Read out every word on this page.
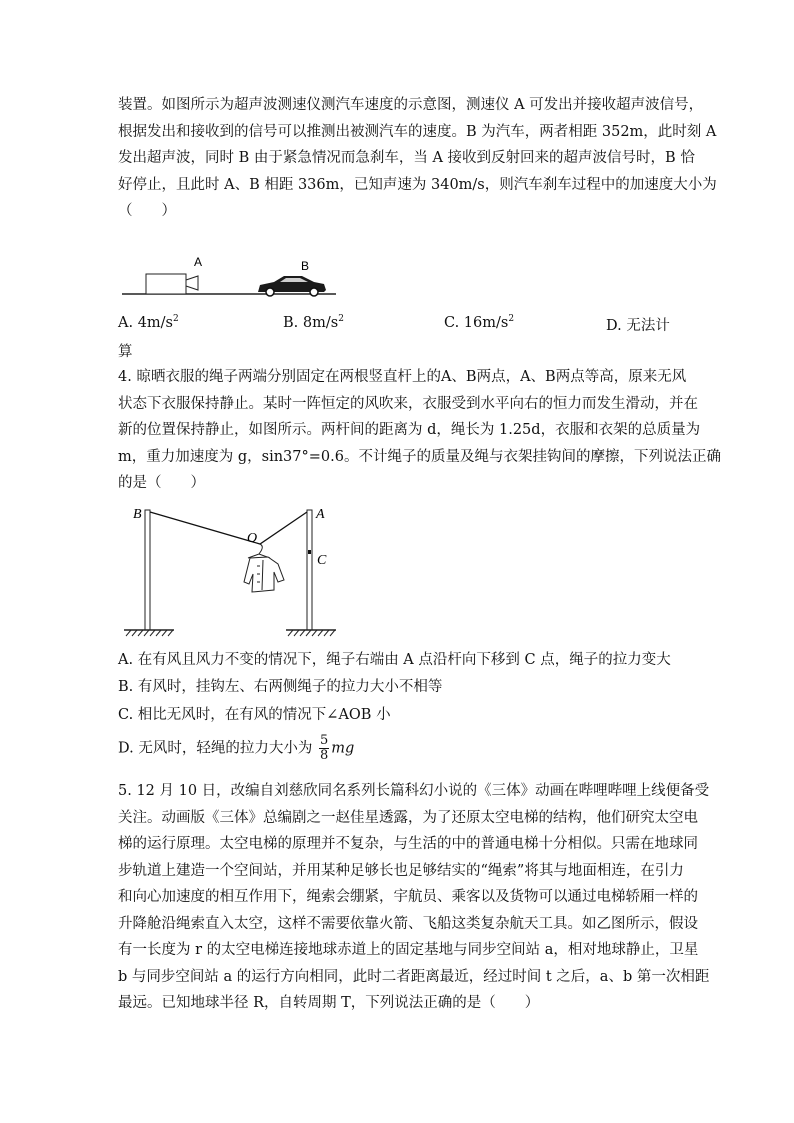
装置。如图所示为超声波测速仪测汽车速度的示意图，测速仪 A 可发出并接收超声波信号，
根据发出和接收到的信号可以推测出被测汽车的速度。B 为汽车，两者相距 352m，此时刻 A
发出超声波，同时 B 由于紧急情况而急刹车，当 A 接收到反射回来的超声波信号时，B 恰
好停止，且此时 A、B 相距 336m，已知声速为 340m/s，则汽车刹车过程中的加速度大小为
（　　）
A	B
A. $4m/s^2$	B. $8m/s^2$	C. $16m/s^2$	D. 无法计
算
4. 晾晒衣服的绳子两端分别固定在两根竖直杆上的A、B两点，A、B两点等高，原来无风
状态下衣服保持静止。某时一阵恒定的风吹来，衣服受到水平向右的恒力而发生滑动，并在
新的位置保持静止，如图所示。两杆间的距离为 d，绳长为 1.25d，衣服和衣架的总质量为
m，重力加速度为 g，sin37°=0.6。不计绳子的质量及绳与衣架挂钩间的摩擦，下列说法正确
的是（　　）
B	A
O
C
A. 在有风且风力不变的情况下，绳子右端由 A 点沿杆向下移到 C 点，绳子的拉力变大
B. 有风时，挂钩左、右两侧绳子的拉力大小不相等
C. 相比无风时，在有风的情况下∠AOB 小
D. 无风时，轻绳的拉力大小为 $\frac{5}{8}$ mg
5. 12 月 10 日，改编自刘慈欣同名系列长篇科幻小说的《三体》动画在哔哩哔哩上线便备受
关注。动画版《三体》总编剧之一赵佳星透露，为了还原太空电梯的结构，他们研究太空电
梯的运行原理。太空电梯的原理并不复杂，与生活的中的普通电梯十分相似。只需在地球同
步轨道上建造一个空间站，并用某种足够长也足够结实的“绳索”将其与地面相连，在引力
和向心加速度的相互作用下，绳索会绷紧，宇航员、乘客以及货物可以通过电梯轿厢一样的
升降舱沿绳索直入太空，这样不需要依靠火箭、飞船这类复杂航天工具。如乙图所示，假设
有一长度为 r 的太空电梯连接地球赤道上的固定基地与同步空间站 a，相对地球静止，卫星
b 与同步空间站 a 的运行方向相同，此时二者距离最近，经过时间 t 之后，a、b 第一次相距
最远。已知地球半径 R，自转周期 T，下列说法正确的是（　　）
